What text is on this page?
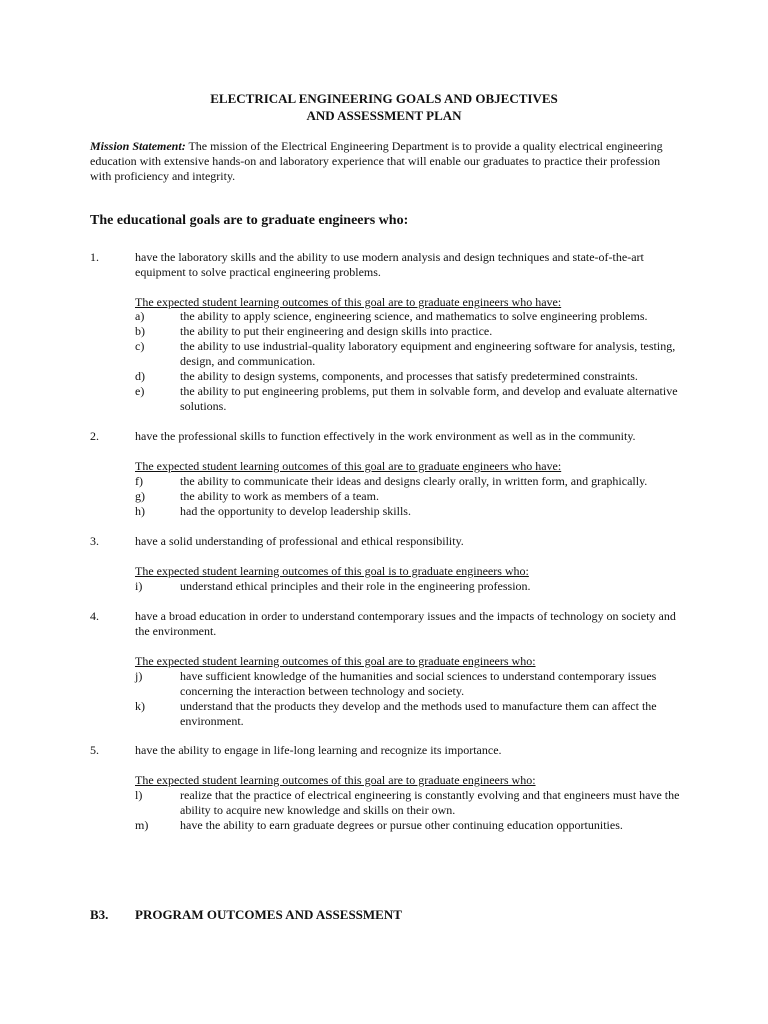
ELECTRICAL ENGINEERING GOALS AND OBJECTIVES
AND ASSESSMENT PLAN
Mission Statement: The mission of the Electrical Engineering Department is to provide a quality electrical engineering education with extensive hands-on and laboratory experience that will enable our graduates to practice their profession with proficiency and integrity.
The educational goals are to graduate engineers who:
1.	have the laboratory skills and the ability to use modern analysis and design techniques and state-of-the-art equipment to solve practical engineering problems.
The expected student learning outcomes of this goal are to graduate engineers who have:
a)	the ability to apply science, engineering science, and mathematics to solve engineering problems.
b)	the ability to put their engineering and design skills into practice.
c)	the ability to use industrial-quality laboratory equipment and engineering software for analysis, testing, design, and communication.
d)	the ability to design systems, components, and processes that satisfy predetermined constraints.
e)	the ability to put engineering problems, put them in solvable form, and develop and evaluate alternative solutions.
2.	have the professional skills to function effectively in the work environment as well as in the community.
The expected student learning outcomes of this goal are to graduate engineers who have:
f)	the ability to communicate their ideas and designs clearly orally, in written form, and graphically.
g)	the ability to work as members of a team.
h)	had the opportunity to develop leadership skills.
3.	have a solid understanding of professional and ethical responsibility.
The expected student learning outcomes of this goal is to graduate engineers who:
i)	understand ethical principles and their role in the engineering profession.
4.	have a broad education in order to understand contemporary issues and the impacts of technology on society and the environment.
The expected student learning outcomes of this goal are to graduate engineers who:
j)	have sufficient knowledge of the humanities and social sciences to understand contemporary issues concerning the interaction between technology and society.
k)	understand that the products they develop and the methods used to manufacture them can affect the environment.
5.	have the ability to engage in life-long learning and recognize its importance.
The expected student learning outcomes of this goal are to graduate engineers who:
l)	realize that the practice of electrical engineering is constantly evolving and that engineers must have the ability to acquire new knowledge and skills on their own.
m)	have the ability to earn graduate degrees or pursue other continuing education opportunities.
B3. PROGRAM OUTCOMES AND ASSESSMENT
